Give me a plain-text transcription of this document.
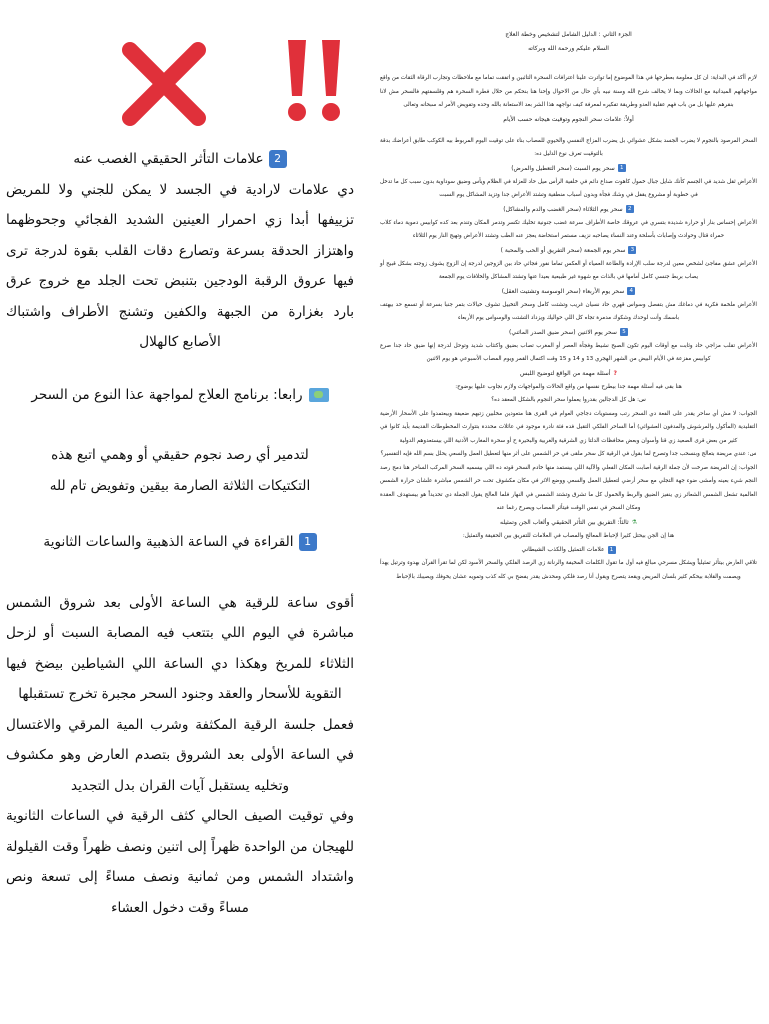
2علامات التأثر الحقيقي الغصب عنه

دي علامات لارادية في الجسد لا يمكن للجني ولا للمريض تزييفها أبدا زي احمرار العينين الشديد الفجائي وجحوظهما واهتزاز الحدقة بسرعة وتصارع دقات القلب بقوة لدرجة ترى فيها عروق الرقبة الودجين بتنبض تحت الجلد مع خروج عرق بارد بغزارة من الجبهة والكفين وتشنج الأطراف واشتباك الأصابع كالهلال

رابعا: برنامج العلاج لمواجهة عذا النوع من السحر

لتدمير أي رصد نجوم حقيقي أو وهمي اتبع هذه التكتيكات الثلاثة الصارمة بيقين وتفويض تام لله

1القراءة في الساعة الذهبية والساعات الثانوية

أقوى ساعة للرقية هي الساعة الأولى بعد شروق الشمس مباشرة في اليوم اللي بتتعب فيه المصابة السبت أو لزحل الثلاثاء للمريخ وهكذا دي الساعة اللي الشياطين بيضخ فيها التقوية للأسحار والعقد وجنود السحر مجبرة تخرج تستقبلها

فعمل جلسة الرقية المكثفة وشرب المية المرقي والاغتسال في الساعة الأولى بعد الشروق بتصدم العارض وهو مكشوف وتخليه يستقبل آيات القران بدل التجديد

وفي توقيت الصيف الحالي كثف الرقية في الساعات الثانوية للهيجان من الواحدة ظهراً إلى اتنين ونصف ظهراً وقت القيلولة واشتداد الشمس ومن ثمانية ونصف مساءً إلى تسعة ونص مساءً وقت دخول العشاء

الجزء الثاني : الدليل الشامل لتشخيص وخطة العلاج
السلام عليكم ورحمة الله وبركاته

لازم أأكد في البداية: ان كل معلومة بعطرحها في هذا الموضوع إما تواترت علينا اعترافات السحرة التائبين و اتفقت تماما مع ملاحظات وتجارب الرقاة الثقات من واقع مواجهاتهم الميدانية مع الحالات وبما لا يخالف شرع الله وسنة نبيه بأي حال من الاحوال وإحنا هنا بنحكم من خلال فطرة السحرة هم وقلسفتهم فالسحر مش لانا بنقرهم عليها بل من باب فهم عقلية العدو وطريقة تفكيره لمعرفة كيف نواجهه هذا الشر بعد الاستعانة بالله وحده وتفويض الأمر له سبحانه وتعالى

أولاً: علامات سحر النجوم وتوقيت هيجانه حسب الأيام

السحر المرصود بالنجوم لا يضرب الجسد بشكل عشوائي بل يضرب المزاج النفسي والحيوي للمصاب بناء على توقيت اليوم المربوط بيه الكوكب طابق أعراضك بدقة بالتوقيت تعرف نوع الدليل ده:

1سحر يوم السبت (سحر التعطيل والمرض)

الأعراض ثقل شديد في الجسم كأنك شايل جبال خمول كاهوت صداع دائم في خلفية الرأس ميل حاد للعزلة في الظلام ويأس وضيق سوداوية بدون سبب كل ما تدخل في خطوبة أو مشروع يقفل في وشك فجأة وبدون أسباب منطقية وتشتد الأعراض جدا وتزيد المشاكل يوم السبت

2سحر يوم الثلاثاء (سحر الغضب والدم والمشاكل)

الأعراض إحساس بنار أو حرارة شديدة بتسري في عروقك خاصة الأطراف سرعة غضب جنونية تخليك تكسر وتدمر المكان وتندم بعد كده كوابيس دموية دماء كلاب حمراء قتال وحوادث وإصابات بأسلحة وعند النساء يصاحبه نزيف مستمر استحاضة يعجز عنه الطب وتشتد الأعراض وتهيج النار يوم الثلاثاء

3سحر يوم الجمعة (سحر التفريق أو الحب والمحبة )

الأعراض عشق مفاجئ لشخص معين لدرجة سلب الإرادة والطاعة العمياء أو العكس تماما نفور فجائي حاد بين الزوجين لدرجة إن الزوج يشوف زوجته بشكل قبيح أو يصاب بربط جنسي كامل أمامها في بالذات مع شهوة غير طبيعية بعيدا عنها وتشتد المشاكل والخلافات يوم الجمعة

4سحر يوم الأربعاء (سحر الوسوسة وتشتيت العقل)

الأعراض ملخمة فكرية في دماغك مش بتفصل وسواس قهري حاد نسيان غريب وتشتت كامل وسحر التخييل تشوف خيالات بتمر جنبا بسرعة أو تسمع حد بيهتف باسمك وأنت لوحدك وشكوك مدمرة تجاه كل اللي حواليك ويزداد التشتت والوسواس يوم الأربعاء

5سحر يوم الاثنين (سحر ضيق الصدر الماثني)

الأعراض تقلب مزاجي حاد وثابت مع أوقات اليوم تكون الصبح نشيط وفجأة العصر أو المغرب تصاب بضيق واكتئاب شديد وتوحل لدرجة إنها ضيق حاد جدا صرع كوابيس مفزعة في الأيام البيض من الشهر الهجري 13 و 14 و 15 وقت اكتمال القمر ويوم المصاب الأسبوعي هو يوم الاثنين

?أسئلة مهمة من الواقع لتوضيح اللبس

هنا بقى فيه أسئلة مهمة جدا بيطرح نفسها من واقع الحالات والمواجهات ولازم نجاوب عليها بوضوح:

س: هل كل الدجالين بقدروا يعملوا سحر النجوم بالشكل المعقد ده؟

الجواب: لا مش أي ساحر يقدر على الفعة دي السحر رتب ومستويات دجاجي العوام في القرى هنا متعودين مخلبين زتبهم ضعيفة وبيعتمدوا على الأسحار الأرضية التقليدية (المأكول والمرشوش والمدفون العشوائي) أما الساحر الفلكي التقيل فده فئة نادرة موجود في عائلات محددة بتتوارث المخطوطات القديمة بأيد كانوا في كثير من بعض قرى الصعيد زي قنا وأسوان وبعض محافظات الدلتا زي الشرقية والغربية والبحيرة ح أو سحرة المغارب الأدنية اللي بيستعدوهم الدولية

س: عندي مريضة بتعالج وبنسحب جدا وتصرخ لما بقول في الرقية كل سحر ملقى في حر الشمس على أثر منها لتعطيل العمل والسعي يحلل بسم الله فإيه التفسير؟

الجواب: إن المريضة صرخت لأن جملة الرقية أصابت المكان الفعلي والآلية اللي بيستمد منها خادم السحر قوته ده اللي بيسميه السحر المركب الساحر هنا دمج رصد النجم شيء بعينه وأمشى ضوء جهة التجلي مع سحر أرضي لتعطيل العمل والسعي ووضع الاثر في مكان مكشوف تحت حر الشمس مباشرة علشان حرارة الشمس العالمية تشعل الشمس الشعائر زي ينفيز الضيق والربط والخمول كل ما تشرق وتشتد الشمس في النهار فلما العالج يقول الجملة دي تحديداً هو بيستهدف العقدة ومكان السحر في نفس الوقت فيتأثر المصاب ويصرخ رغما عنه

⚗ثالثاً: التفريق بين التأثر الحقيقي وألعاب الجن وتمثيله

هنا إن الجن بيحتل كثيرا لإحباط المعالج والمصاب في العلامات للتفريق بين الحقيقة والتمثيل:

1علامات التمثيل والكذب الشيطاني

تلاقي العارض بيتأثر تمثيلياً ويشكل مسرحي مبالغ فيه أول ما تقول الكلمات المخيفة والرنانة زي الرصد الفلكي والسحر الأسود لكن لما تقرأ القرآن بهدوء وترتيل يهدأ ويصمت والقلابة بيحكم كثير بلسان المريض ويقعد يتصرخ ويقول أنا رصد فلكي ومحدش يقدر يفضح بي كله كذب وتمويه عشان يخوفك ويصيبك بالإحباط
